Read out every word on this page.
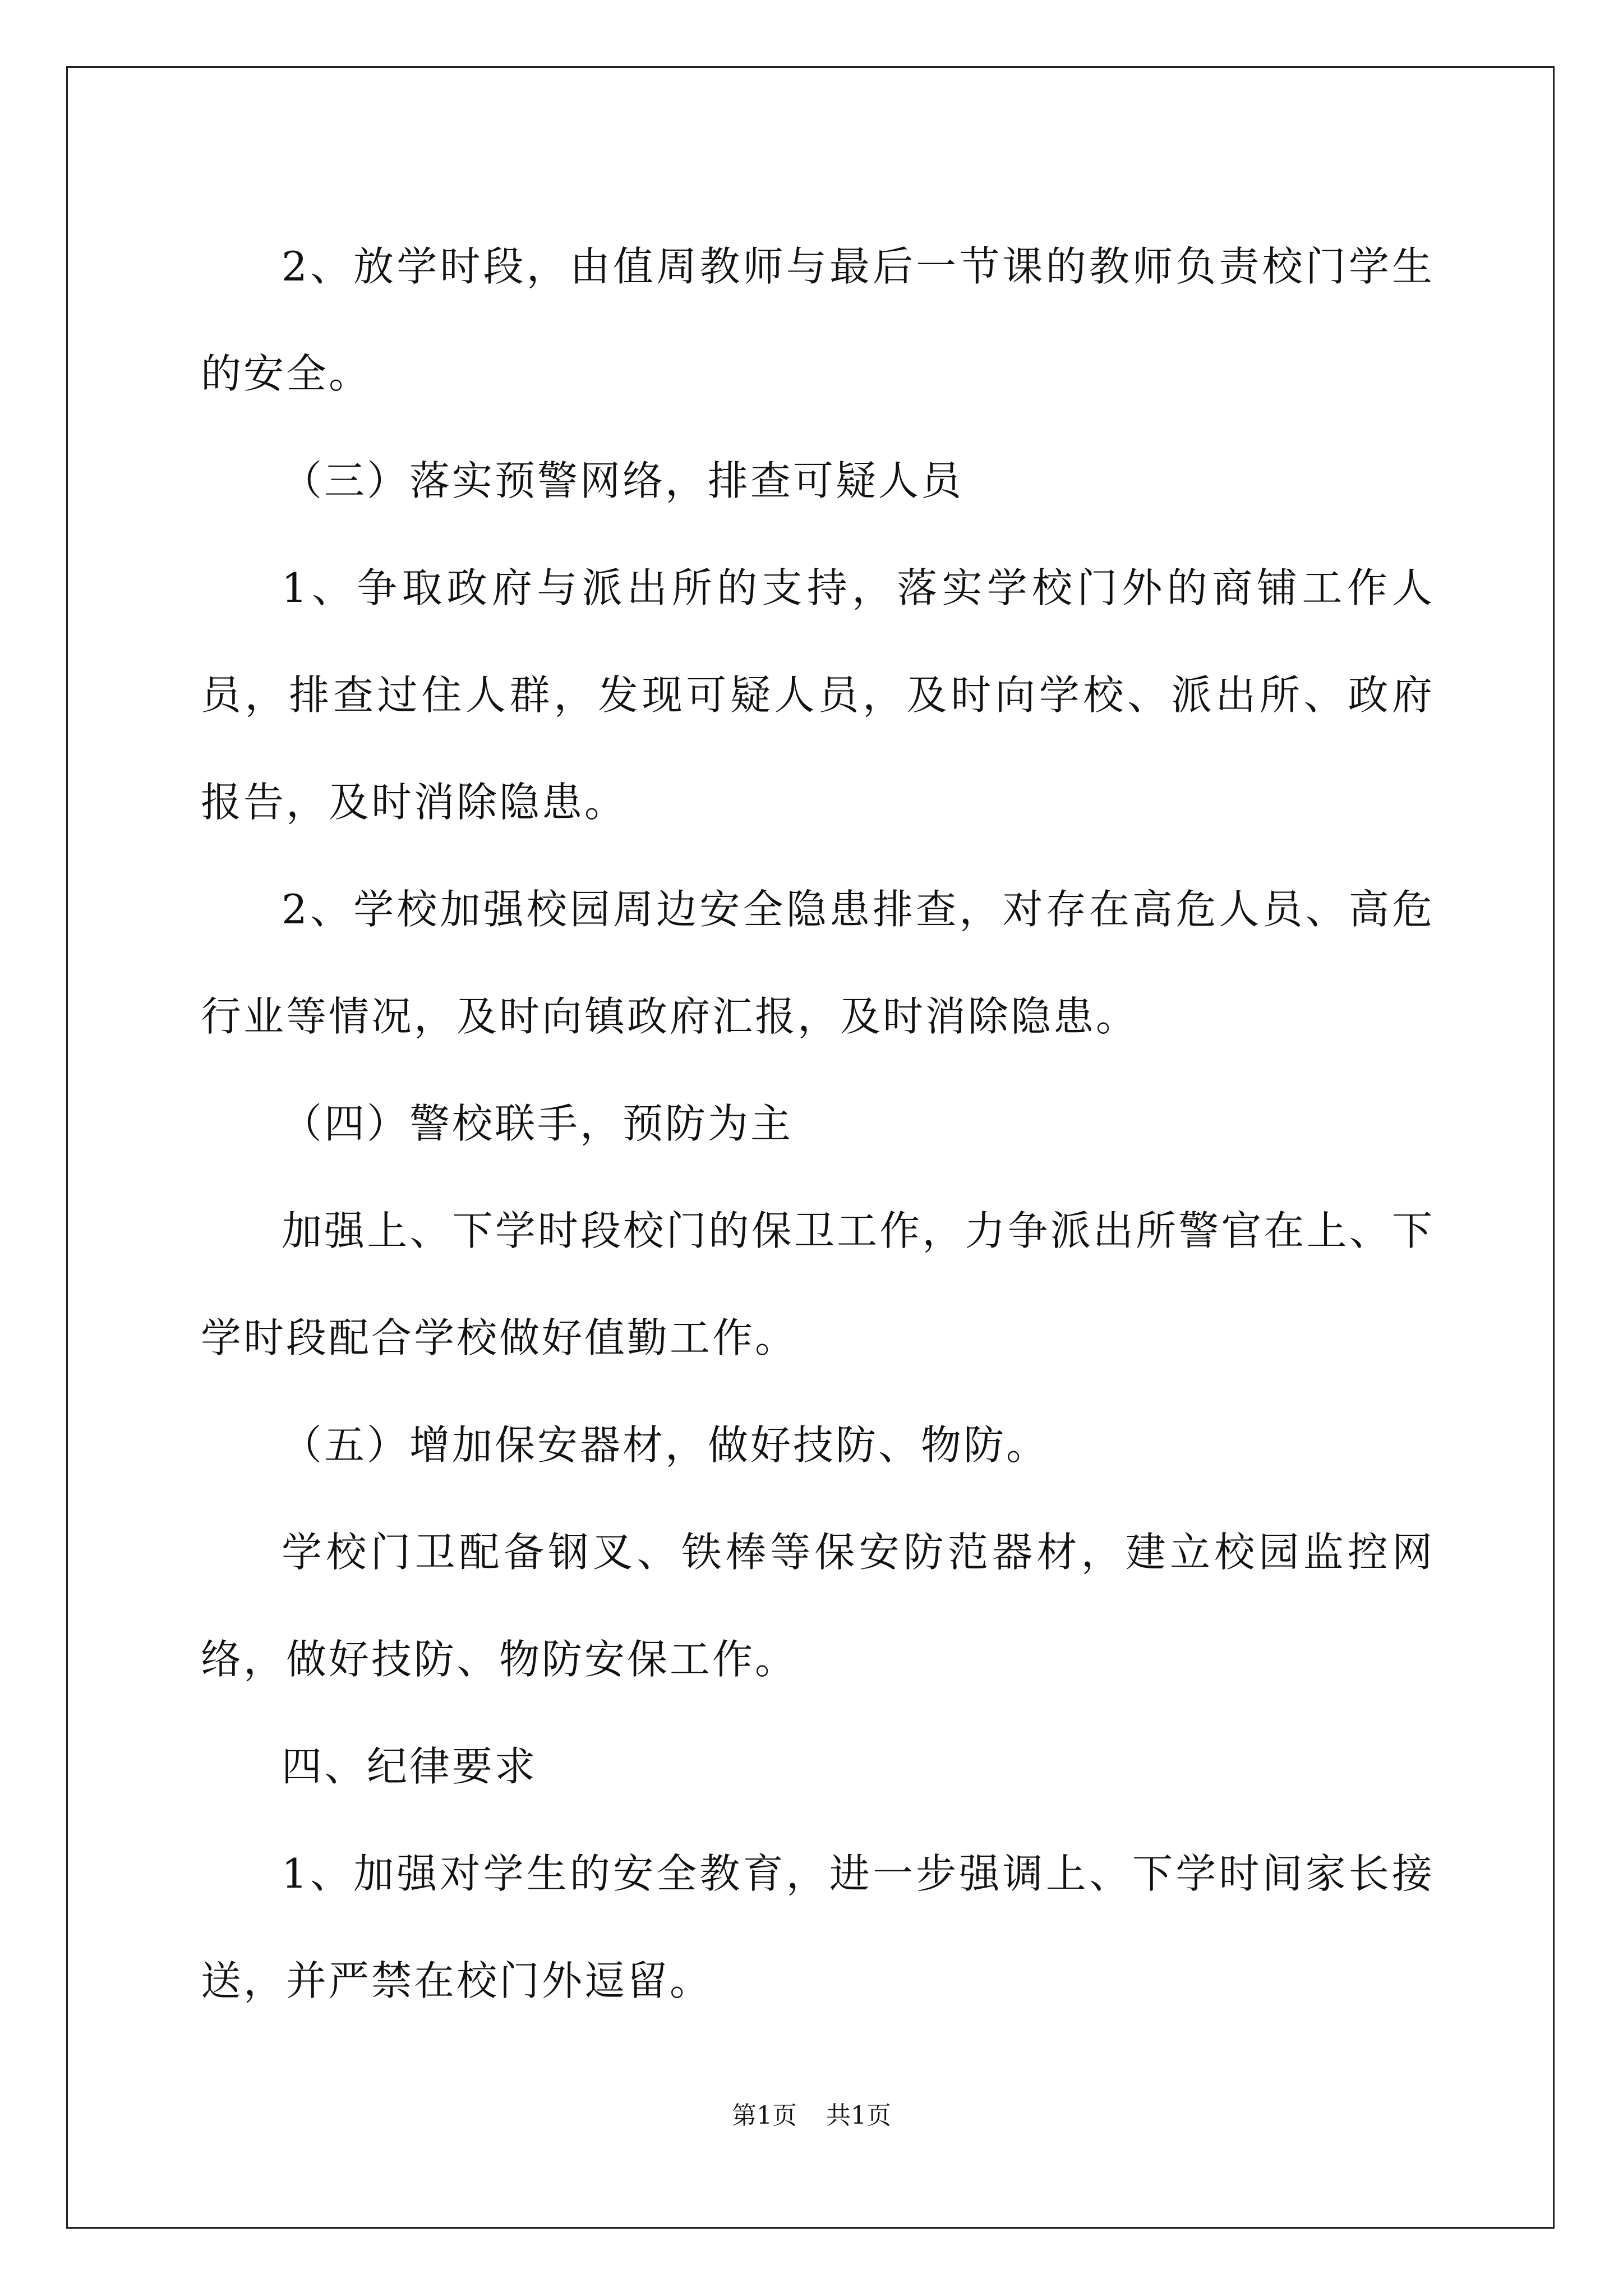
2、放学时段，由值周教师与最后一节课的教师负责校门学生的安全。

（三）落实预警网络，排查可疑人员

1、争取政府与派出所的支持，落实学校门外的商铺工作人员，排查过住人群，发现可疑人员，及时向学校、派出所、政府报告，及时消除隐患。

2、学校加强校园周边安全隐患排查，对存在高危人员、高危行业等情况，及时向镇政府汇报，及时消除隐患。

（四）警校联手，预防为主

加强上、下学时段校门的保卫工作，力争派出所警官在上、下学时段配合学校做好值勤工作。

（五）增加保安器材，做好技防、物防。

学校门卫配备钢叉、铁棒等保安防范器材，建立校园监控网络，做好技防、物防安保工作。

四、纪律要求

1、加强对学生的安全教育，进一步强调上、下学时间家长接送，并严禁在校门外逗留。

第1页 共1页
